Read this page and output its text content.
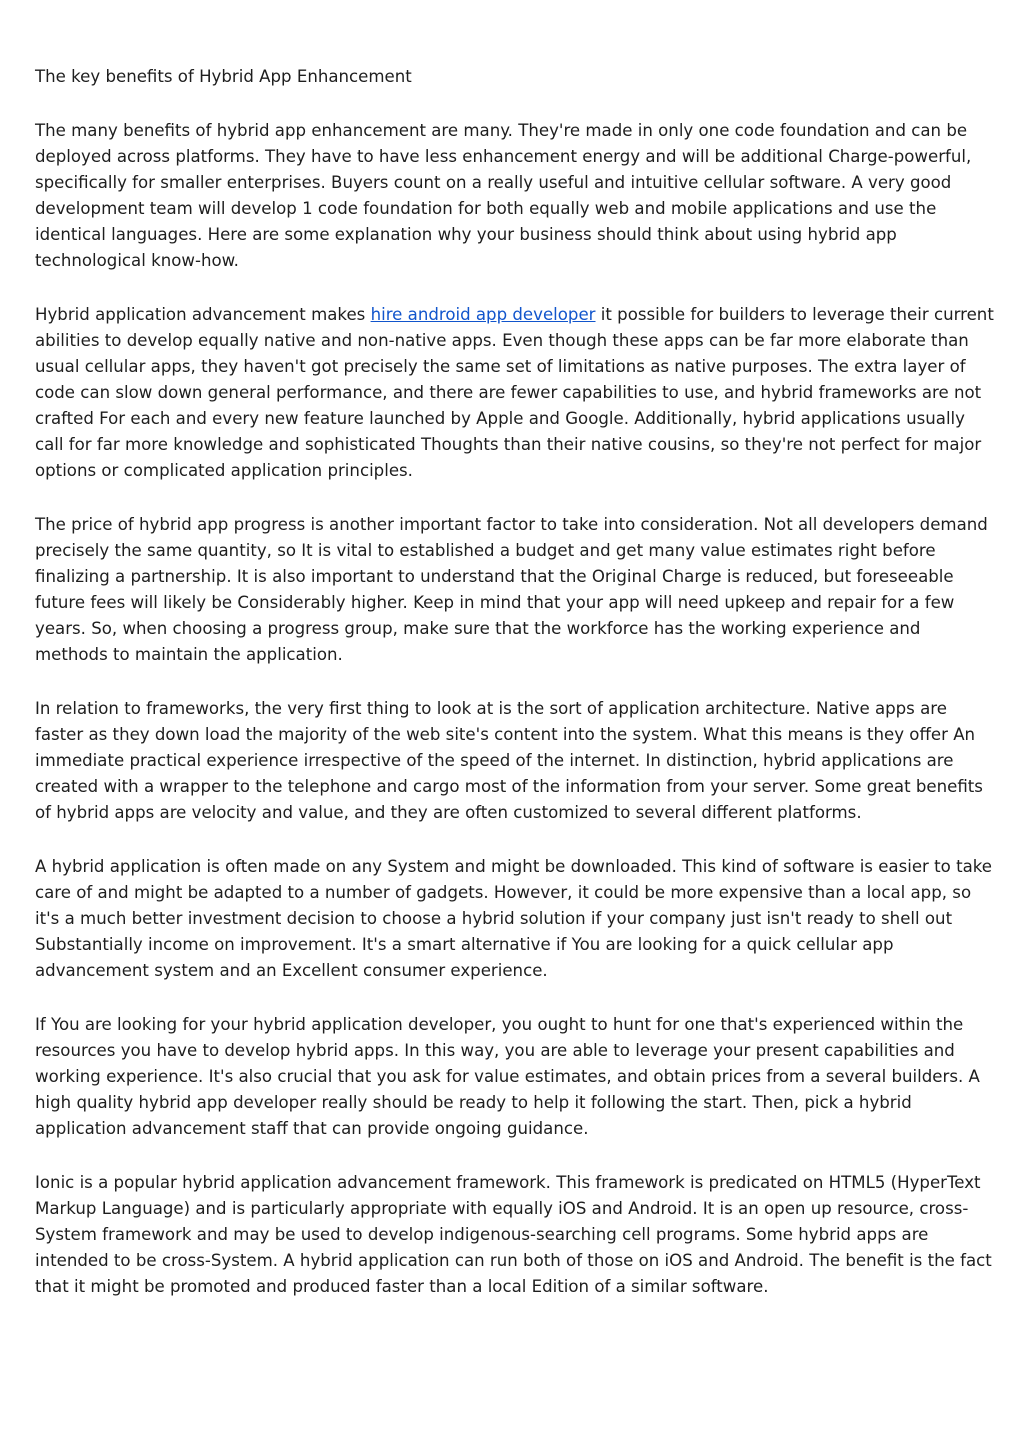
The key benefits of Hybrid App Enhancement

The many benefits of hybrid app enhancement are many. They're made in only one code foundation and can be deployed across platforms. They have to have less enhancement energy and will be additional Charge-powerful, specifically for smaller enterprises. Buyers count on a really useful and intuitive cellular software. A very good development team will develop 1 code foundation for both equally web and mobile applications and use the identical languages. Here are some explanation why your business should think about using hybrid app technological know-how.

Hybrid application advancement makes hire android app developer it possible for builders to leverage their current abilities to develop equally native and non-native apps. Even though these apps can be far more elaborate than usual cellular apps, they haven't got precisely the same set of limitations as native purposes. The extra layer of code can slow down general performance, and there are fewer capabilities to use, and hybrid frameworks are not crafted For each and every new feature launched by Apple and Google. Additionally, hybrid applications usually call for far more knowledge and sophisticated Thoughts than their native cousins, so they're not perfect for major options or complicated application principles.

The price of hybrid app progress is another important factor to take into consideration. Not all developers demand precisely the same quantity, so It is vital to established a budget and get many value estimates right before finalizing a partnership. It is also important to understand that the Original Charge is reduced, but foreseeable future fees will likely be Considerably higher. Keep in mind that your app will need upkeep and repair for a few years. So, when choosing a progress group, make sure that the workforce has the working experience and methods to maintain the application.

In relation to frameworks, the very first thing to look at is the sort of application architecture. Native apps are faster as they down load the majority of the web site's content into the system. What this means is they offer An immediate practical experience irrespective of the speed of the internet. In distinction, hybrid applications are created with a wrapper to the telephone and cargo most of the information from your server. Some great benefits of hybrid apps are velocity and value, and they are often customized to several different platforms.

A hybrid application is often made on any System and might be downloaded. This kind of software is easier to take care of and might be adapted to a number of gadgets. However, it could be more expensive than a local app, so it's a much better investment decision to choose a hybrid solution if your company just isn't ready to shell out Substantially income on improvement. It's a smart alternative if You are looking for a quick cellular app advancement system and an Excellent consumer experience.

If You are looking for your hybrid application developer, you ought to hunt for one that's experienced within the resources you have to develop hybrid apps. In this way, you are able to leverage your present capabilities and working experience. It's also crucial that you ask for value estimates, and obtain prices from a several builders. A high quality hybrid app developer really should be ready to help it following the start. Then, pick a hybrid application advancement staff that can provide ongoing guidance.

Ionic is a popular hybrid application advancement framework. This framework is predicated on HTML5 (HyperText Markup Language) and is particularly appropriate with equally iOS and Android. It is an open up resource, cross-System framework and may be used to develop indigenous-searching cell programs. Some hybrid apps are intended to be cross-System. A hybrid application can run both of those on iOS and Android. The benefit is the fact that it might be promoted and produced faster than a local Edition of a similar software.
